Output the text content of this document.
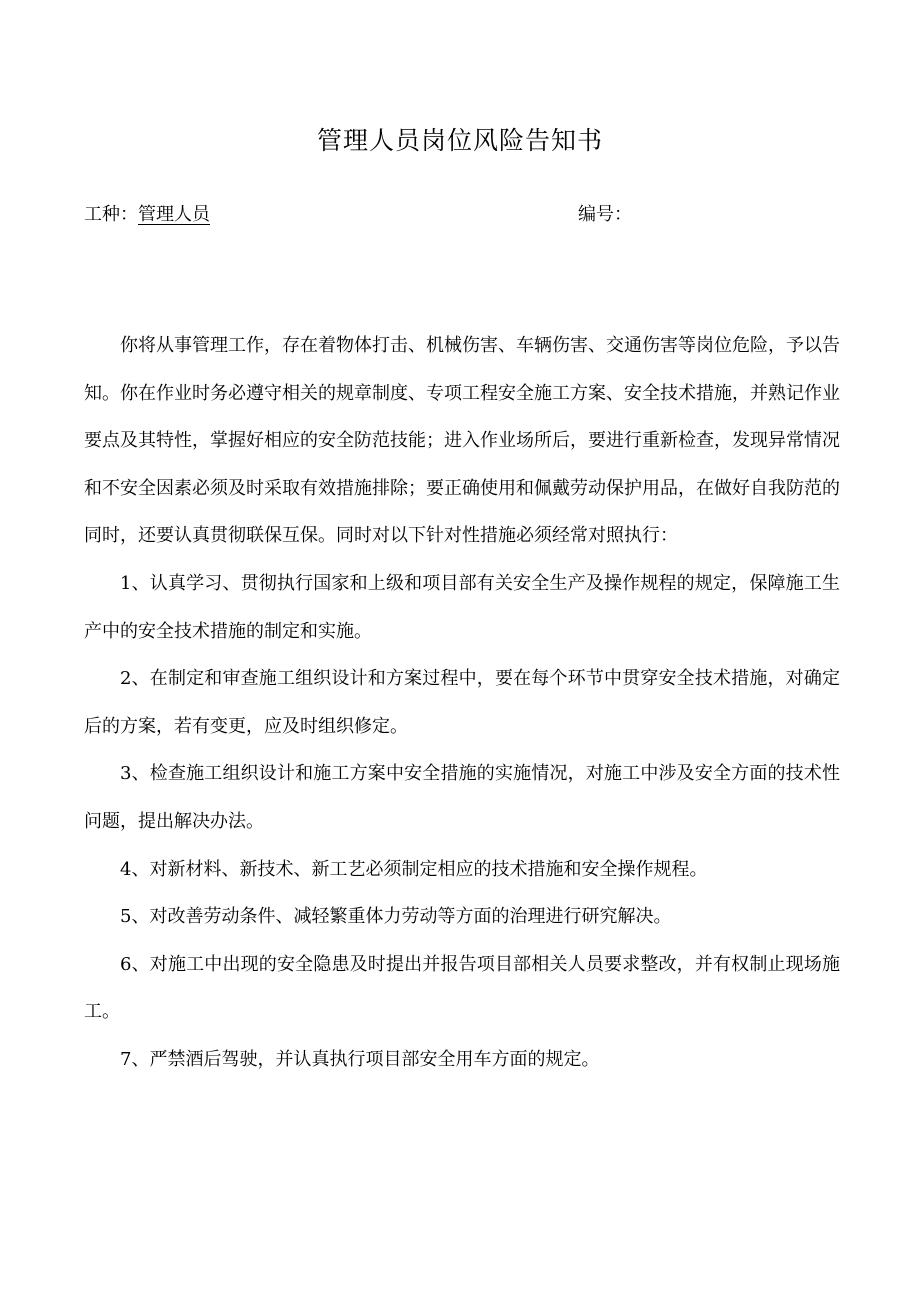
管理人员岗位风险告知书
工种：管理人员	编号：

你将从事管理工作，存在着物体打击、机械伤害、车辆伤害、交通伤害等岗位危险，予以告知。你在作业时务必遵守相关的规章制度、专项工程安全施工方案、安全技术措施，并熟记作业要点及其特性，掌握好相应的安全防范技能；进入作业场所后，要进行重新检查，发现异常情况和不安全因素必须及时采取有效措施排除；要正确使用和佩戴劳动保护用品，在做好自我防范的同时，还要认真贯彻联保互保。同时对以下针对性措施必须经常对照执行：

1、认真学习、贯彻执行国家和上级和项目部有关安全生产及操作规程的规定，保障施工生产中的安全技术措施的制定和实施。

2、在制定和审查施工组织设计和方案过程中，要在每个环节中贯穿安全技术措施，对确定后的方案，若有变更，应及时组织修定。

3、检查施工组织设计和施工方案中安全措施的实施情况，对施工中涉及安全方面的技术性问题，提出解决办法。

4、对新材料、新技术、新工艺必须制定相应的技术措施和安全操作规程。

5、对改善劳动条件、减轻繁重体力劳动等方面的治理进行研究解决。

6、对施工中出现的安全隐患及时提出并报告项目部相关人员要求整改，并有权制止现场施工。

7、严禁酒后驾驶，并认真执行项目部安全用车方面的规定。
